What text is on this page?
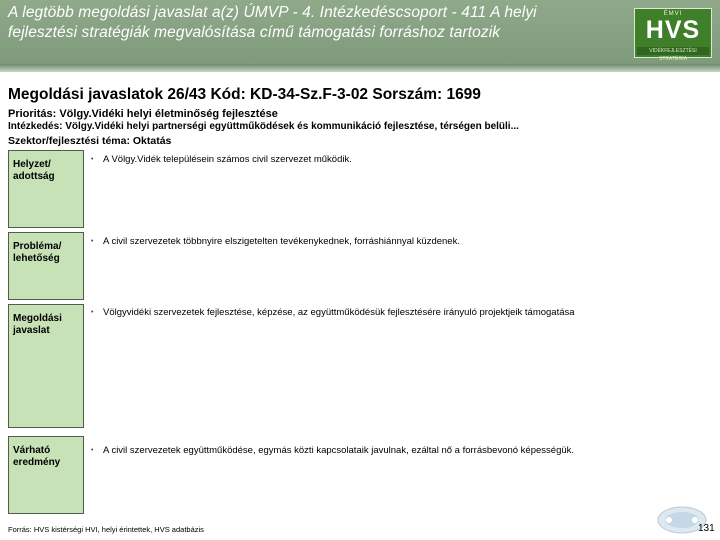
A legtöbb megoldási javaslat a(z) ÚMVP - 4. Intézkedéscsoport - 411 A helyi
fejlesztési stratégiák megvalósítása című támogatási forráshoz tartozik
ÉMVI
HVS
VIDÉKFEJLESZTÉSI STRATÉGIA
Megoldási javaslatok 26/43 Kód: KD-34-Sz.F-3-02 Sorszám: 1699
Prioritás: Völgy.Vidéki helyi életminőség fejlesztése
Intézkedés: Völgy.Vidéki helyi partnerségi együttműködések és kommunikáció fejlesztése, térségen belüli...
Szektor/fejlesztési téma: Oktatás
Helyzet/
adottság
• A Völgy.Vidék településein számos civil szervezet működik.
Probléma/
lehetőség
• A civil szervezetek többnyire elszigetelten tevékenykednek, forráshiánnyal küzdenek.
Megoldási
javaslat
• Völgyvidéki szervezetek fejlesztése, képzése, az együttműködésük fejlesztésére irányuló projektjeik támogatása
Várható
eredmény
• A civil szervezetek együttműködése, egymás közti kapcsolataik javulnak, ezáltal nő a forrásbevonó képességük.
Forrás: HVS kistérségi HVI, helyi érintettek, HVS adatbázis	131
